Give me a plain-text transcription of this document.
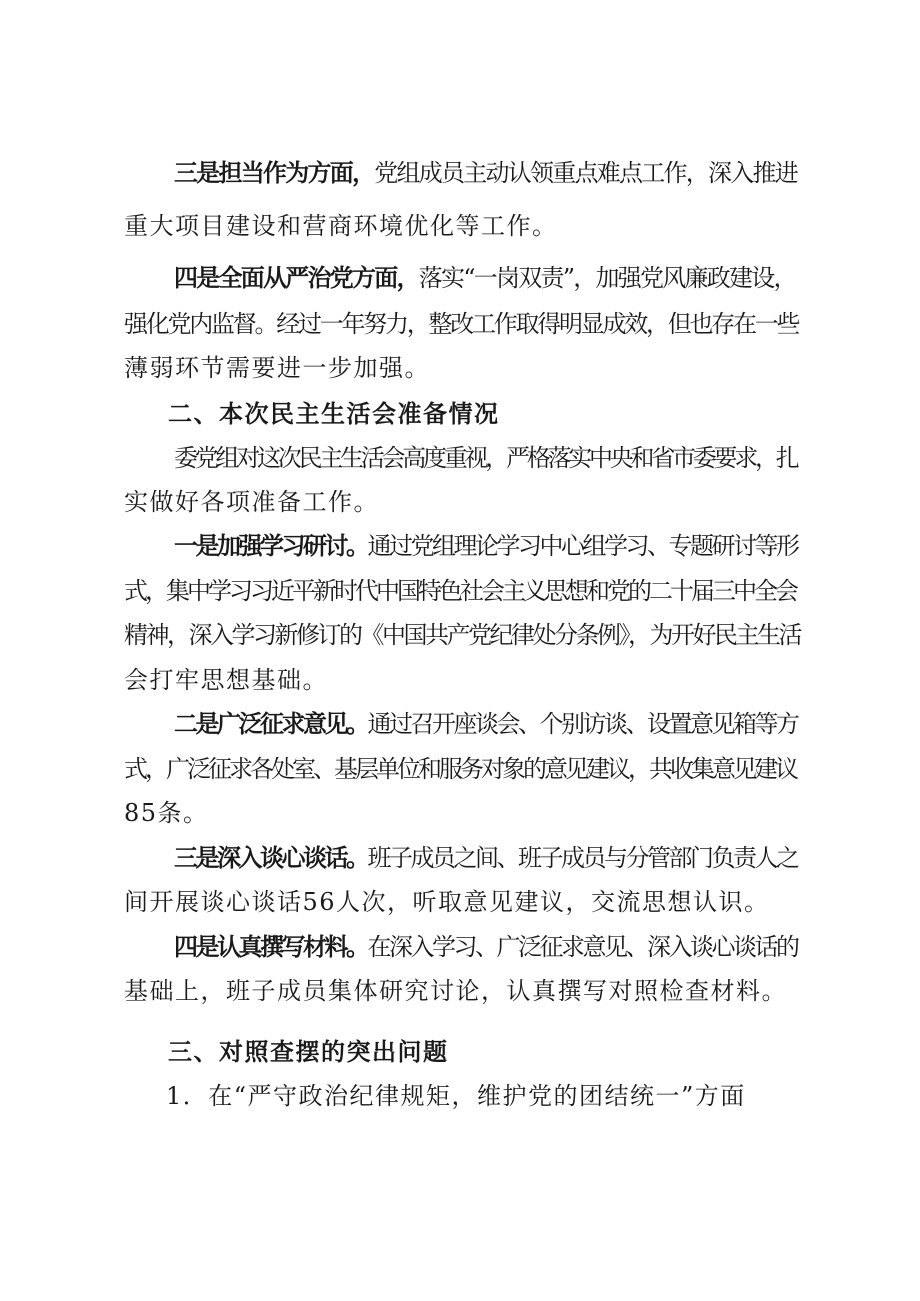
三是担当作为方面，党组成员主动认领重点难点工作，深入推进
重大项目建设和营商环境优化等工作。
四是全面从严治党方面，落实“一岗双责”，加强党风廉政建设，
强化党内监督。经过一年努力，整改工作取得明显成效，但也存在一些
薄弱环节需要进一步加强。
二、本次民主生活会准备情况
委党组对这次民主生活会高度重视，严格落实中央和省市委要求，扎
实做好各项准备工作。
一是加强学习研讨。通过党组理论学习中心组学习、专题研讨等形
式，集中学习习近平新时代中国特色社会主义思想和党的二十届三中全会
精神，深入学习新修订的《中国共产党纪律处分条例》，为开好民主生活
会打牢思想基础。
二是广泛征求意见。通过召开座谈会、个别访谈、设置意见箱等方
式，广泛征求各处室、基层单位和服务对象的意见建议，共收集意见建议
85条。
三是深入谈心谈话。班子成员之间、班子成员与分管部门负责人之
间开展谈心谈话56人次，听取意见建议，交流思想认识。
四是认真撰写材料。在深入学习、广泛征求意见、深入谈心谈话的
基础上，班子成员集体研究讨论，认真撰写对照检查材料。
三、对照查摆的突出问题
1．在“严守政治纪律规矩，维护党的团结统一”方面
